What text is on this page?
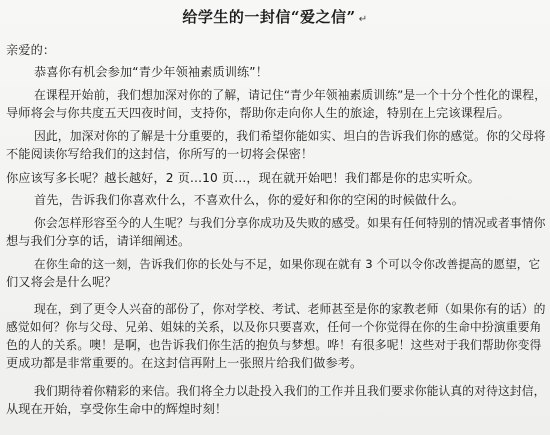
给学生的一封信“爱之信” ↵
亲爱的：
恭喜你有机会参加“青少年领袖素质训练”！
在课程开始前，我们想加深对你的了解，请记住“青少年领袖素质训练”是一个十分个性化的课程，
导师将会与你共度五天四夜时间，支持你，帮助你走向你人生的旅途，特别在上完该课程后。
因此，加深对你的了解是十分重要的，我们希望你能如实、坦白的告诉我们你的感觉。你的父母将
不能阅读你写给我们的这封信，你所写的一切将会保密！
你应该写多长呢？越长越好，2 页…10 页…，现在就开始吧！我们都是你的忠实听众。
首先，告诉我们你喜欢什么，不喜欢什么，你的爱好和你的空闲的时候做什么。
你会怎样形容至今的人生呢？与我们分享你成功及失败的感受。如果有任何特别的情况或者事情你
想与我们分享的话，请详细阐述。
在你生命的这一刻，告诉我们你的长处与不足，如果你现在就有 3 个可以令你改善提高的愿望，它
们又将会是什么呢？
现在，到了更令人兴奋的部份了，你对学校、考试、老师甚至是你的家教老师（如果你有的话）的
感觉如何？你与父母、兄弟、姐妹的关系，以及你只要喜欢，任何一个你觉得在你的生命中扮演重要角
色的人的关系。噢！是啊，也告诉我们你生活的抱负与梦想。哗！有很多呢！这些对于我们帮助你变得
更成功都是非常重要的。在这封信再附上一张照片给我们做参考。
我们期待着你精彩的来信。我们将全力以赴投入我们的工作并且我们要求你能认真的对待这封信，
从现在开始，享受你生命中的辉煌时刻！
